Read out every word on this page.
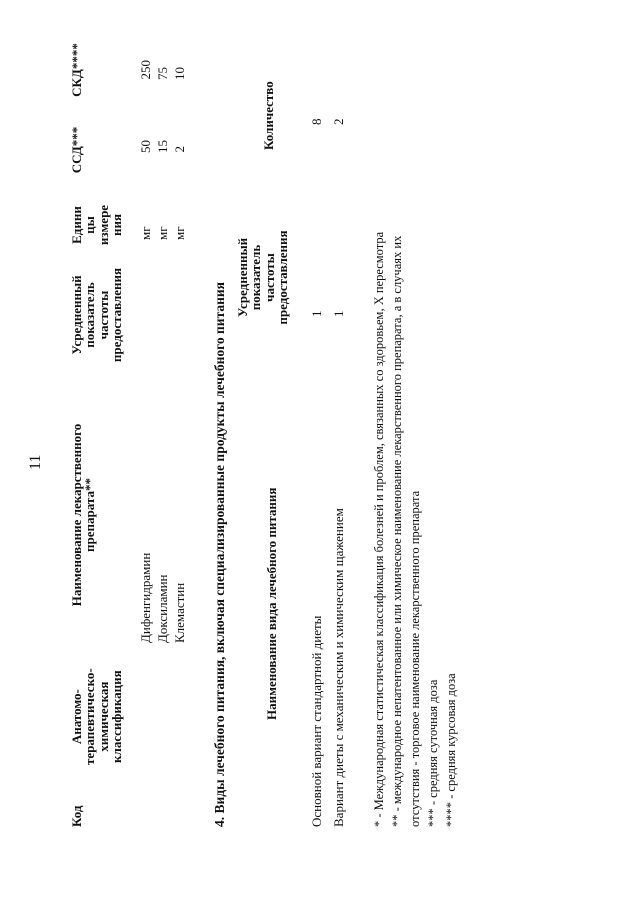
11
Код
Анатомо-
терапевтическо-
химическая
классификация
Наименование лекарственного
препарата**
Усредненный
показатель
частоты
предоставления
Едини
цы
измере
ния
ССД***
СКД****
Дифенгидрамин
мг
50
250
Доксиламин
мг
15
75
Клемастин
мг
2
10
4. Виды лечебного питания, включая специализированные продукты лечебного питания	Наименование вида лечебного питания
Усредненный
показатель
частоты
предоставления
Количество
Основной вариант стандартной диеты
1
8
Вариант диеты с механическим и химическим щажением
1
2
* - Международная статистическая классификация болезней и проблем, связанных со здоровьем, X пересмотра ** - международное непатентованное или химическое наименование лекарственного препарата, а в случаях их отсутствия - торговое наименование лекарственного препарата *** - средняя суточная доза **** - средняя курсовая доза
